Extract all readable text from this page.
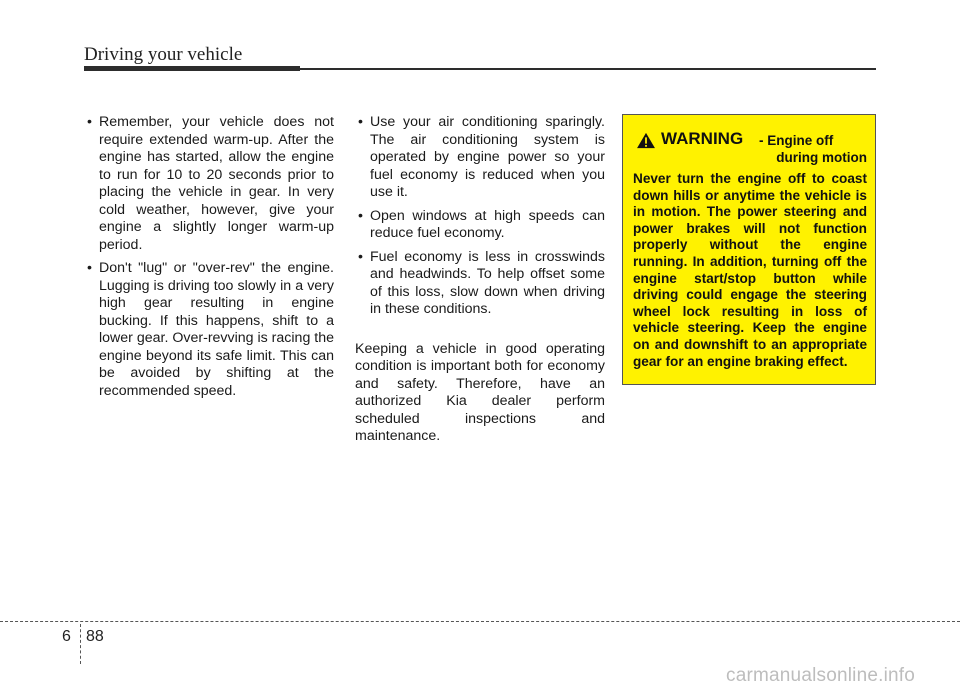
Driving your vehicle
• Remember, your vehicle does not require extended warm-up. After the engine has started, allow the engine to run for 10 to 20 seconds prior to placing the vehicle in gear. In very cold weather, however, give your engine a slightly longer warm-up period.
• Don't "lug" or "over-rev" the engine. Lugging is driving too slowly in a very high gear resulting in engine bucking. If this happens, shift to a lower gear. Over-revving is racing the engine beyond its safe limit. This can be avoided by shifting at the recommended speed.
• Use your air conditioning sparingly. The air conditioning system is operated by engine power so your fuel economy is reduced when you use it.
• Open windows at high speeds can reduce fuel economy.
• Fuel economy is less in crosswinds and headwinds. To help offset some of this loss, slow down when driving in these conditions.

Keeping a vehicle in good operating condition is important both for economy and safety. Therefore, have an authorized Kia dealer perform scheduled inspections and maintenance.

WARNING - Engine off
during motion

Never turn the engine off to coast down hills or anytime the vehicle is in motion. The power steering and power brakes will not function properly without the engine running. In addition, turning off the engine start/stop button while driving could engage the steering wheel lock resulting in loss of vehicle steering. Keep the engine on and downshift to an appropriate gear for an engine braking effect.

6 88
carmanualsonline.info
